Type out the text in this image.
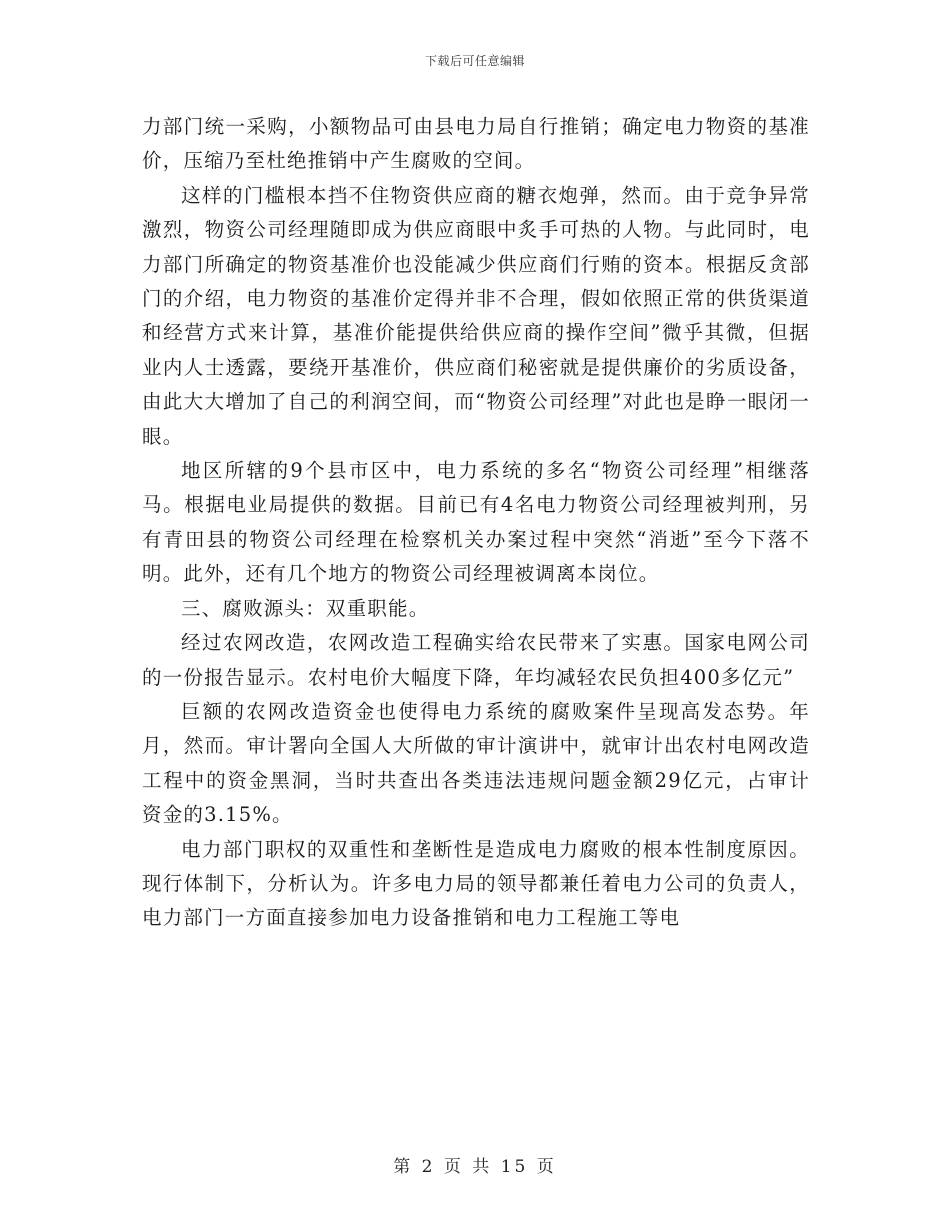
下载后可任意编辑

力部门统一采购，小额物品可由县电力局自行推销；确定电力物资的基准价，压缩乃至杜绝推销中产生腐败的空间。

这样的门槛根本挡不住物资供应商的糖衣炮弹，然而。由于竞争异常激烈，物资公司经理随即成为供应商眼中炙手可热的人物。与此同时，电力部门所确定的物资基准价也没能减少供应商们行贿的资本。根据反贪部门的介绍，电力物资的基准价定得并非不合理，假如依照正常的供货渠道和经营方式来计算，基准价能提供给供应商的操作空间”微乎其微，但据业内人士透露，要绕开基准价，供应商们秘密就是提供廉价的劣质设备，由此大大增加了自己的利润空间，而“物资公司经理”对此也是睁一眼闭一眼。

地区所辖的9个县市区中，电力系统的多名“物资公司经理”相继落马。根据电业局提供的数据。目前已有4名电力物资公司经理被判刑，另有青田县的物资公司经理在检察机关办案过程中突然“消逝”至今下落不明。此外，还有几个地方的物资公司经理被调离本岗位。

三、腐败源头：双重职能。

经过农网改造，农网改造工程确实给农民带来了实惠。国家电网公司的一份报告显示。农村电价大幅度下降，年均减轻农民负担400多亿元”

巨额的农网改造资金也使得电力系统的腐败案件呈现高发态势。年月，然而。审计署向全国人大所做的审计演讲中，就审计出农村电网改造工程中的资金黑洞，当时共查出各类违法违规问题金额29亿元，占审计资金的3.15%。

电力部门职权的双重性和垄断性是造成电力腐败的根本性制度原因。现行体制下，分析认为。许多电力局的领导都兼任着电力公司的负责人，电力部门一方面直接参加电力设备推销和电力工程施工等电

第 2 页 共 15 页
